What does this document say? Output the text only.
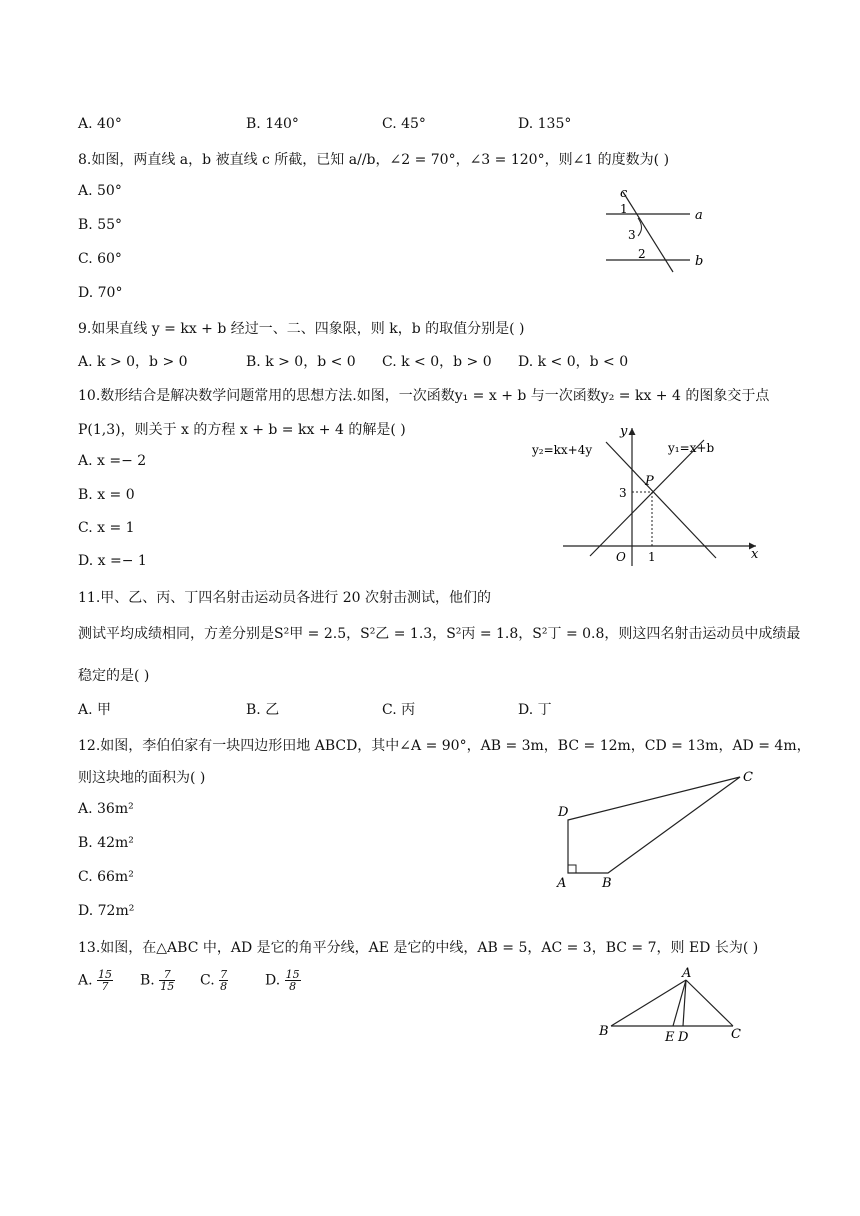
A. 40°	B. 140°	C. 45°	D. 135°
8.如图，两直线 a，b 被直线 c 所截，已知 a//b，∠2 = 70°，∠3 = 120°，则∠1 的度数为( )
A. 50°
B. 55°
C. 60°
D. 70°
c
1	a
3
2	b
9.如果直线 y = kx + b 经过一、二、四象限，则 k，b 的取值分别是( )
A. k > 0，b > 0	B. k > 0，b < 0 C. k < 0，b > 0 D. k < 0，b < 0
10.数形结合是解决数学问题常用的思想方法.如图，一次函数y₁ = x + b 与一次函数y₂ = kx + 4 的图象交于点
P(1,3)，则关于 x 的方程 x + b = kx + 4 的解是( )
A. x =− 2
B. x = 0
C. x = 1
D. x =− 1
y₂=kx+4y	y₁=x+b
y
x
P
3
1
O
11.甲、乙、丙、丁四名射击运动员各进行 20 次射击测试，他们的
测试平均成绩相同，方差分别是S²甲 = 2.5，S²乙 = 1.3，S²丙 = 1.8，S²丁 = 0.8，则这四名射击运动员中成绩最
稳定的是( )
A. 甲	B. 乙	C. 丙	D. 丁
12.如图，李伯伯家有一块四边形田地 ABCD，其中∠A = 90°，AB = 3m，BC = 12m，CD = 13m，AD = 4m，
则这块地的面积为( )
A. 36m²
B. 42m²
C. 66m²
D. 72m²
C
D
A	B
13.如图，在△ABC 中，AD 是它的角平分线，AE 是它的中线，AB = 5，AC = 3，BC = 7，则 ED 长为( )
A. $\frac{15}{7} B$. $\frac{7}{15} C$. $\frac{7}{8}$	D. $\frac{15}{8}$	A
B	E D	C
